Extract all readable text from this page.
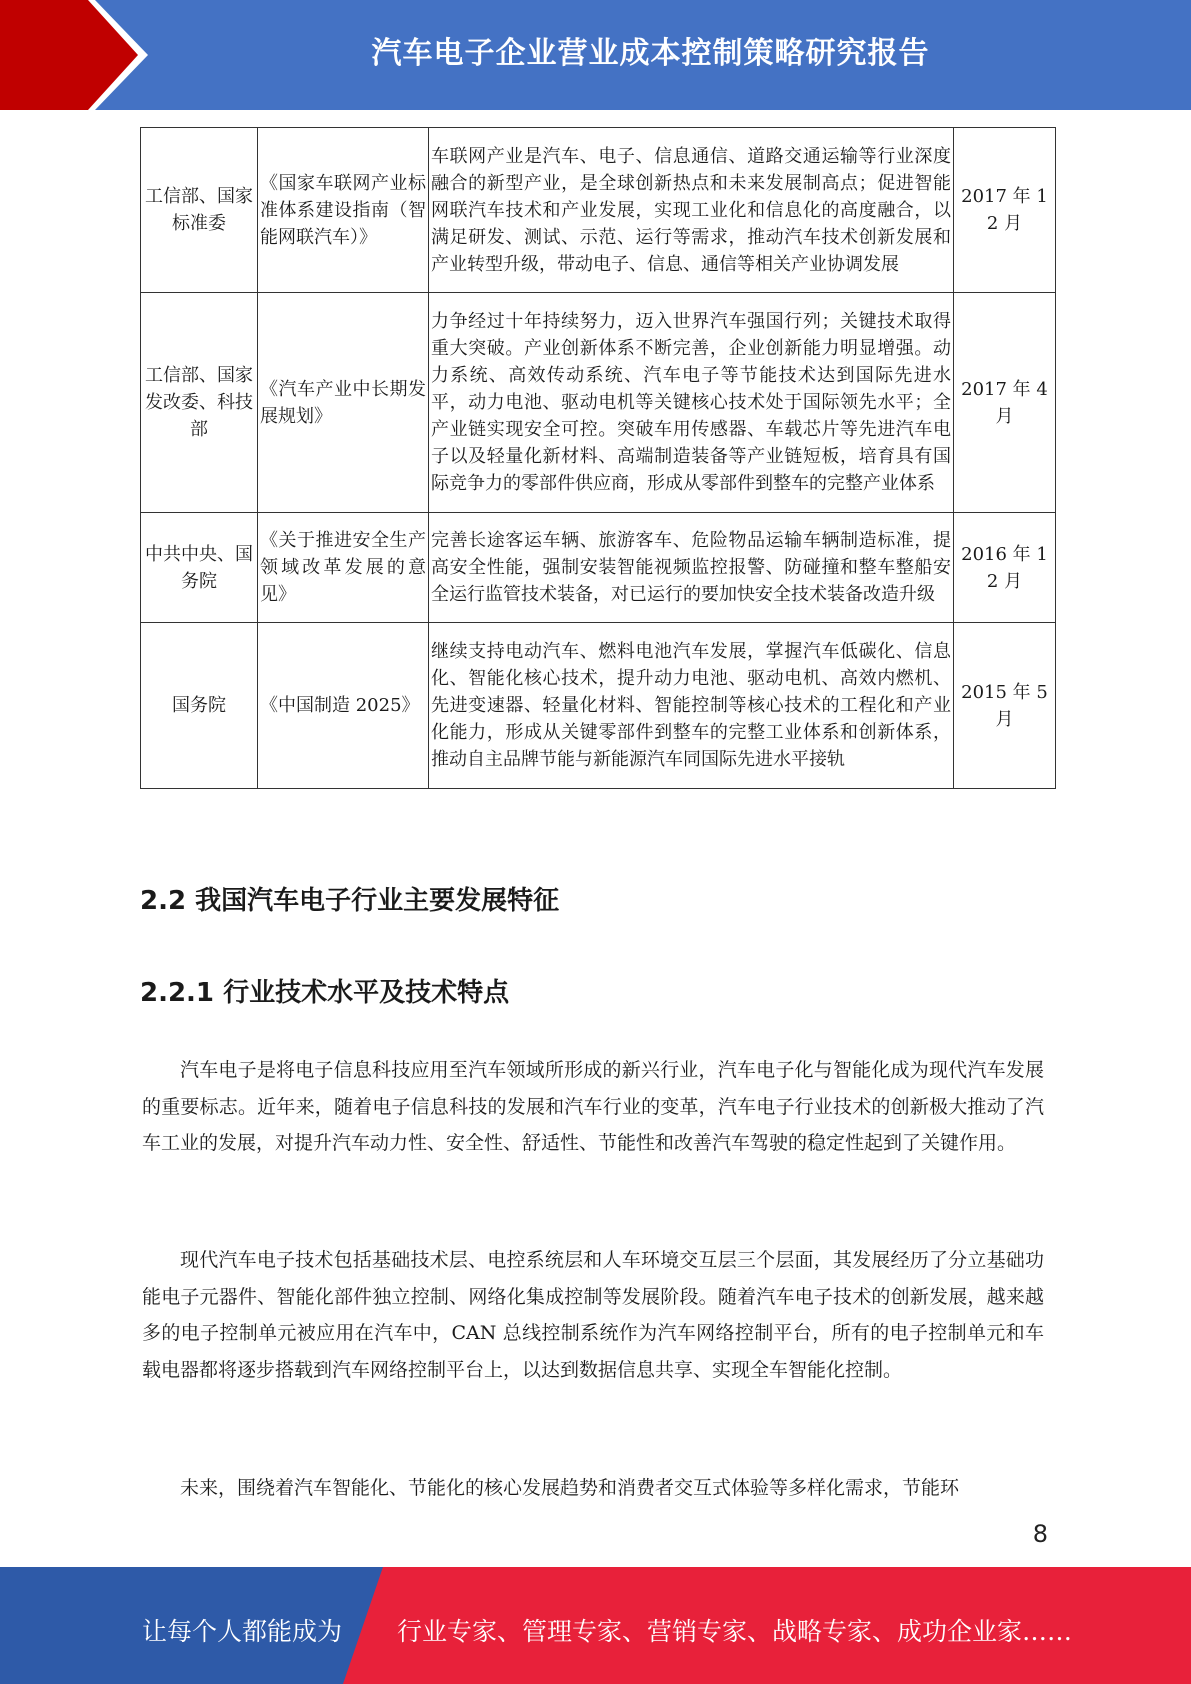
汽车电子企业营业成本控制策略研究报告
工信部、国家标准委	《国家车联网产业标准体系建设指南（智能网联汽车）》	车联网产业是汽车、电子、信息通信、道路交通运输等行业深度融合的新型产业，是全球创新热点和未来发展制高点；促进智能网联汽车技术和产业发展，实现工业化和信息化的高度融合，以满足研发、测试、示范、运行等需求，推动汽车技术创新发展和产业转型升级，带动电子、信息、通信等相关产业协调发展	2017 年 12 月
工信部、国家发改委、科技部	《汽车产业中长期发展规划》	力争经过十年持续努力，迈入世界汽车强国行列；关键技术取得重大突破。产业创新体系不断完善，企业创新能力明显增强。动力系统、高效传动系统、汽车电子等节能技术达到国际先进水平，动力电池、驱动电机等关键核心技术处于国际领先水平；全产业链实现安全可控。突破车用传感器、车载芯片等先进汽车电子以及轻量化新材料、高端制造装备等产业链短板，培育具有国际竞争力的零部件供应商，形成从零部件到整车的完整产业体系	2017 年 4 月
中共中央、国务院	《关于推进安全生产领域改革发展的意见》	完善长途客运车辆、旅游客车、危险物品运输车辆制造标准，提高安全性能，强制安装智能视频监控报警、防碰撞和整车整船安全运行监管技术装备，对已运行的要加快安全技术装备改造升级	2016 年 12 月
国务院	《中国制造 2025》	继续支持电动汽车、燃料电池汽车发展，掌握汽车低碳化、信息化、智能化核心技术，提升动力电池、驱动电机、高效内燃机、先进变速器、轻量化材料、智能控制等核心技术的工程化和产业化能力，形成从关键零部件到整车的完整工业体系和创新体系，推动自主品牌节能与新能源汽车同国际先进水平接轨	2015 年 5 月
2.2 我国汽车电子行业主要发展特征
2.2.1 行业技术水平及技术特点

汽车电子是将电子信息科技应用至汽车领域所形成的新兴行业，汽车电子化与智能化成为现代汽车发展的重要标志。近年来，随着电子信息科技的发展和汽车行业的变革，汽车电子行业技术的创新极大推动了汽车工业的发展，对提升汽车动力性、安全性、舒适性、节能性和改善汽车驾驶的稳定性起到了关键作用。

现代汽车电子技术包括基础技术层、电控系统层和人车环境交互层三个层面，其发展经历了分立基础功能电子元器件、智能化部件独立控制、网络化集成控制等发展阶段。随着汽车电子技术的创新发展，越来越多的电子控制单元被应用在汽车中，CAN 总线控制系统作为汽车网络控制平台，所有的电子控制单元和车载电器都将逐步搭载到汽车网络控制平台上，以达到数据信息共享、实现全车智能化控制。

未来，围绕着汽车智能化、节能化的核心发展趋势和消费者交互式体验等多样化需求，节能环

8
让每个人都能成为 行业专家、管理专家、营销专家、战略专家、成功企业家……
